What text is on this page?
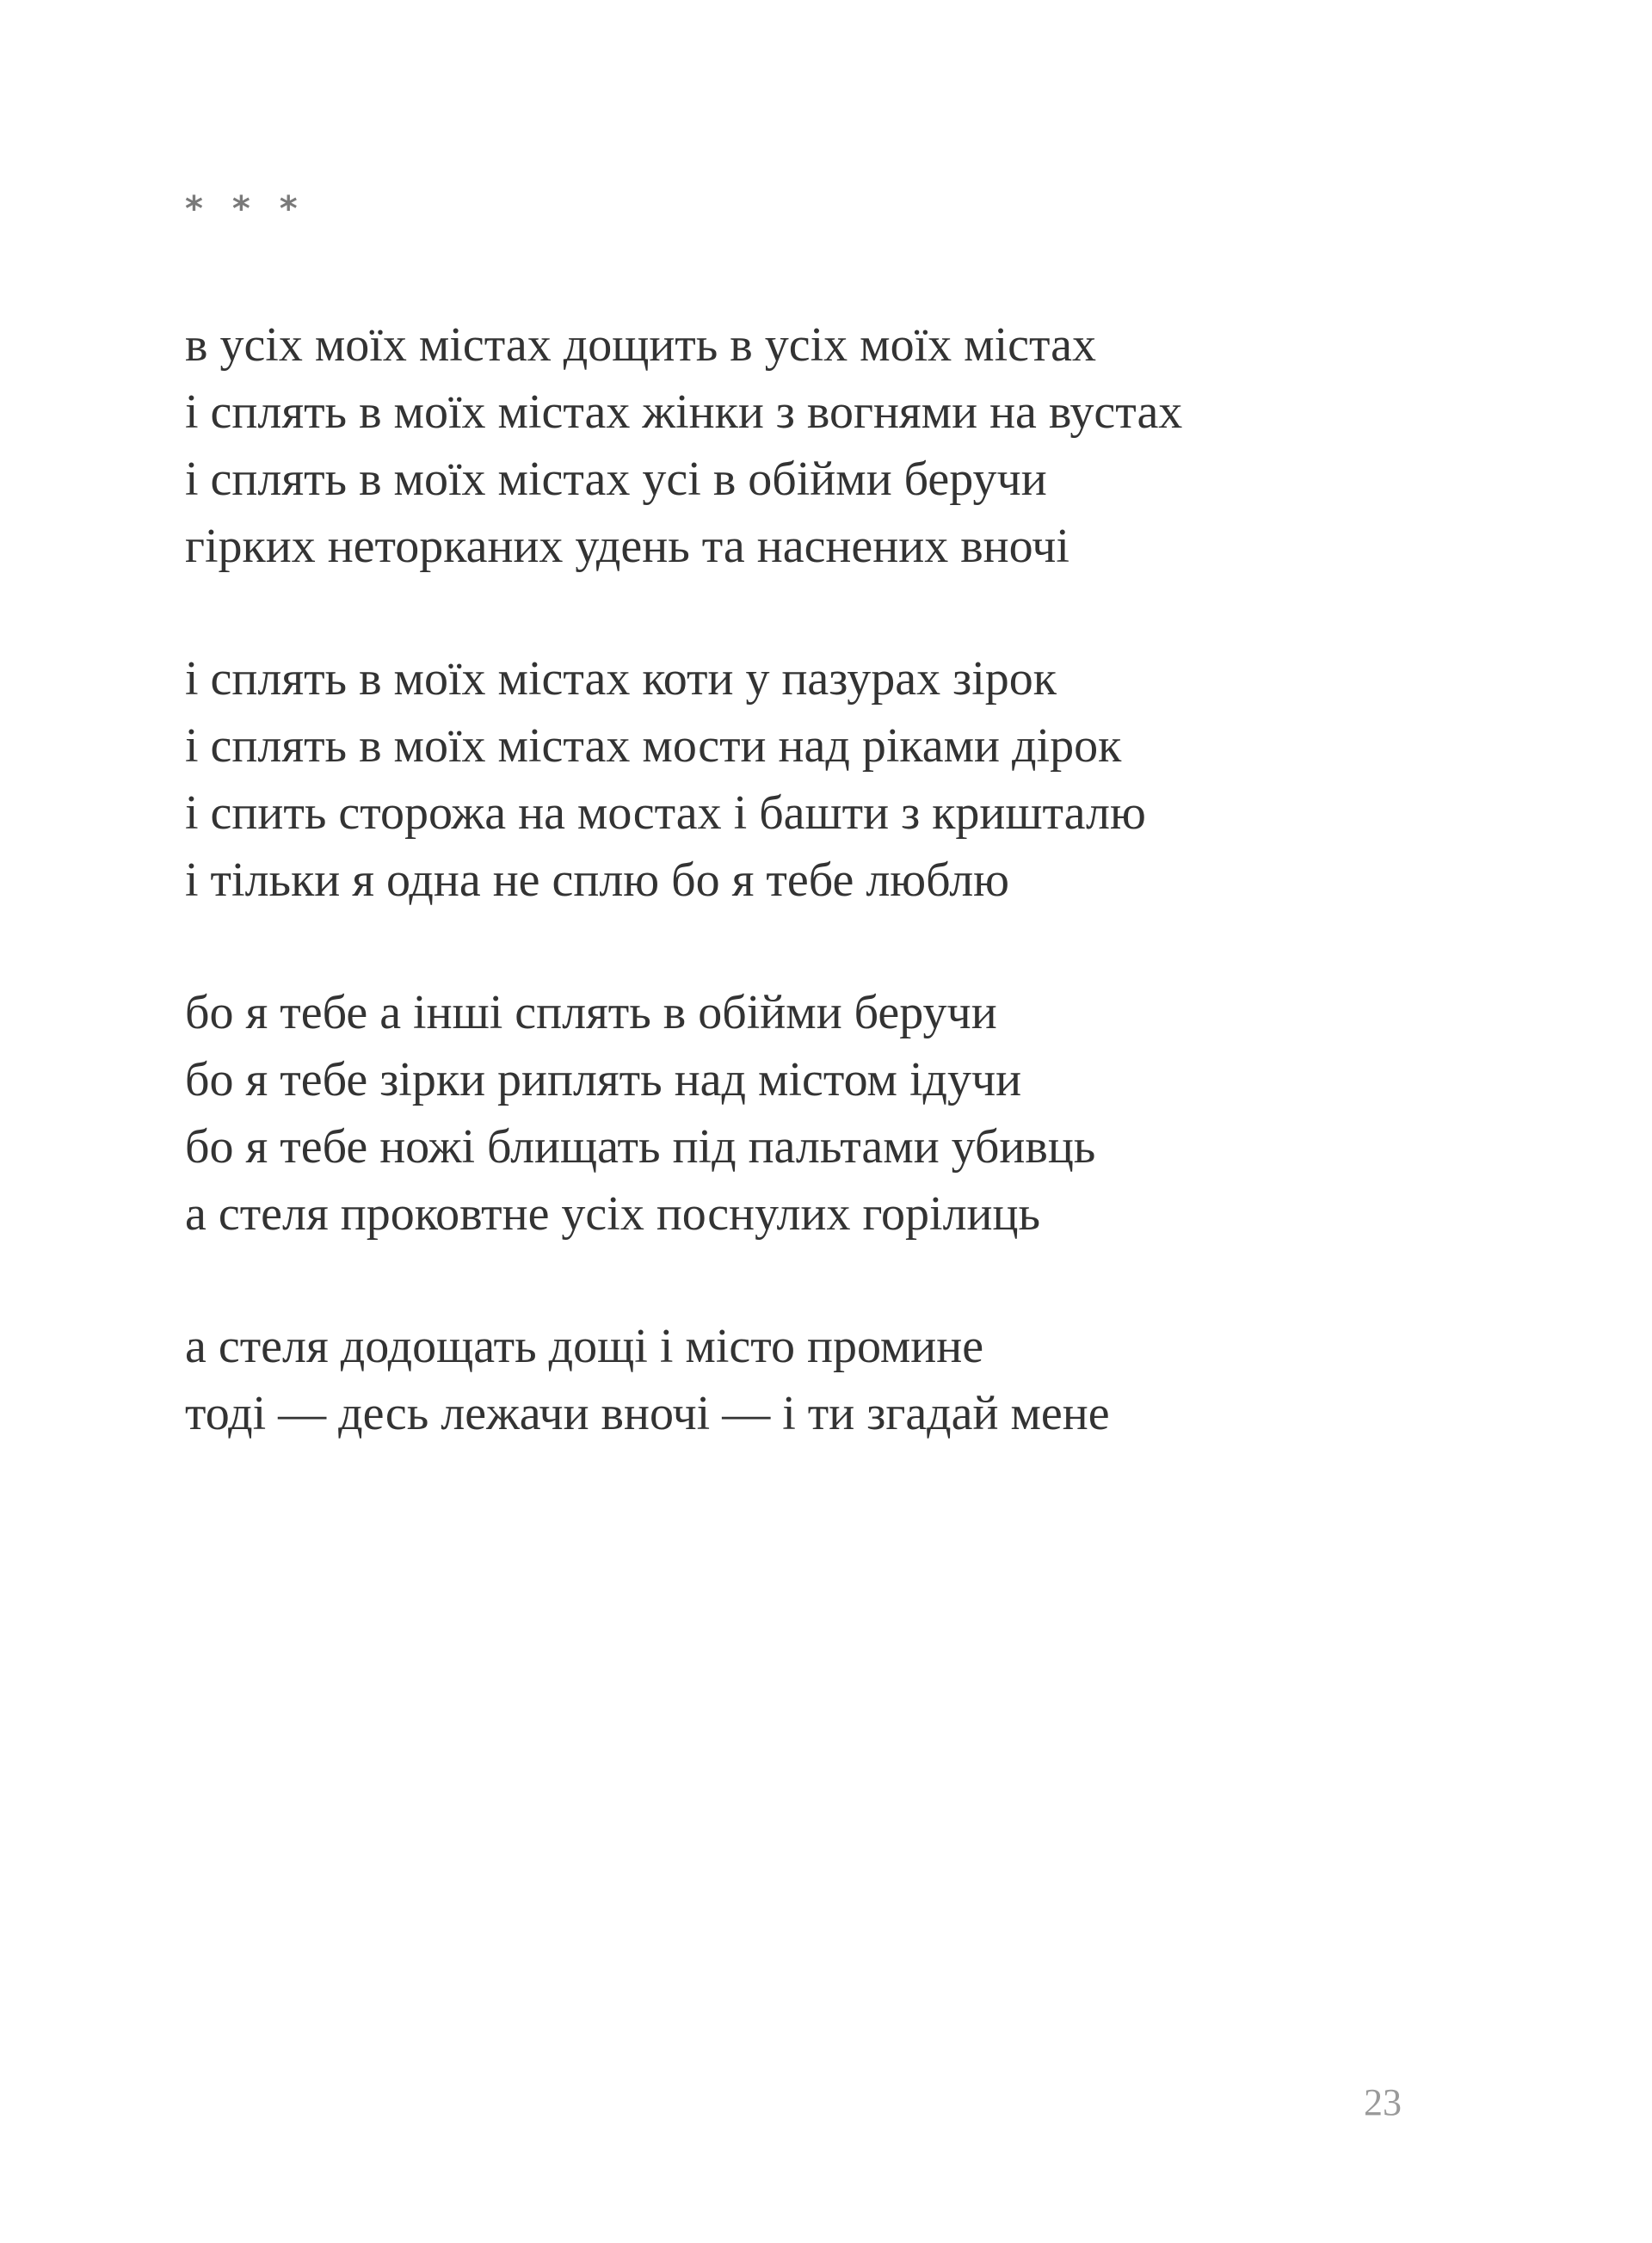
* * *
в усіх моїх містах дощить в усіх моїх містах
і сплять в моїх містах жінки з вогнями на вустах
і сплять в моїх містах усі в обійми беручи
гірких неторканих удень та наснених вночі
і сплять в моїх містах коти у пазурах зірок
і сплять в моїх містах мости над ріками дірок
і спить сторожа на мостах і башти з кришталю
і тільки я одна не сплю бо я тебе люблю
бо я тебе а інші сплять в обійми беручи
бо я тебе зірки риплять над містом ідучи
бо я тебе ножі блищать під пальтами убивць
а стеля проковтне усіх поснулих горілиць
а стеля додощать дощі і місто промине
тоді — десь лежачи вночі — і ти згадай мене
23
